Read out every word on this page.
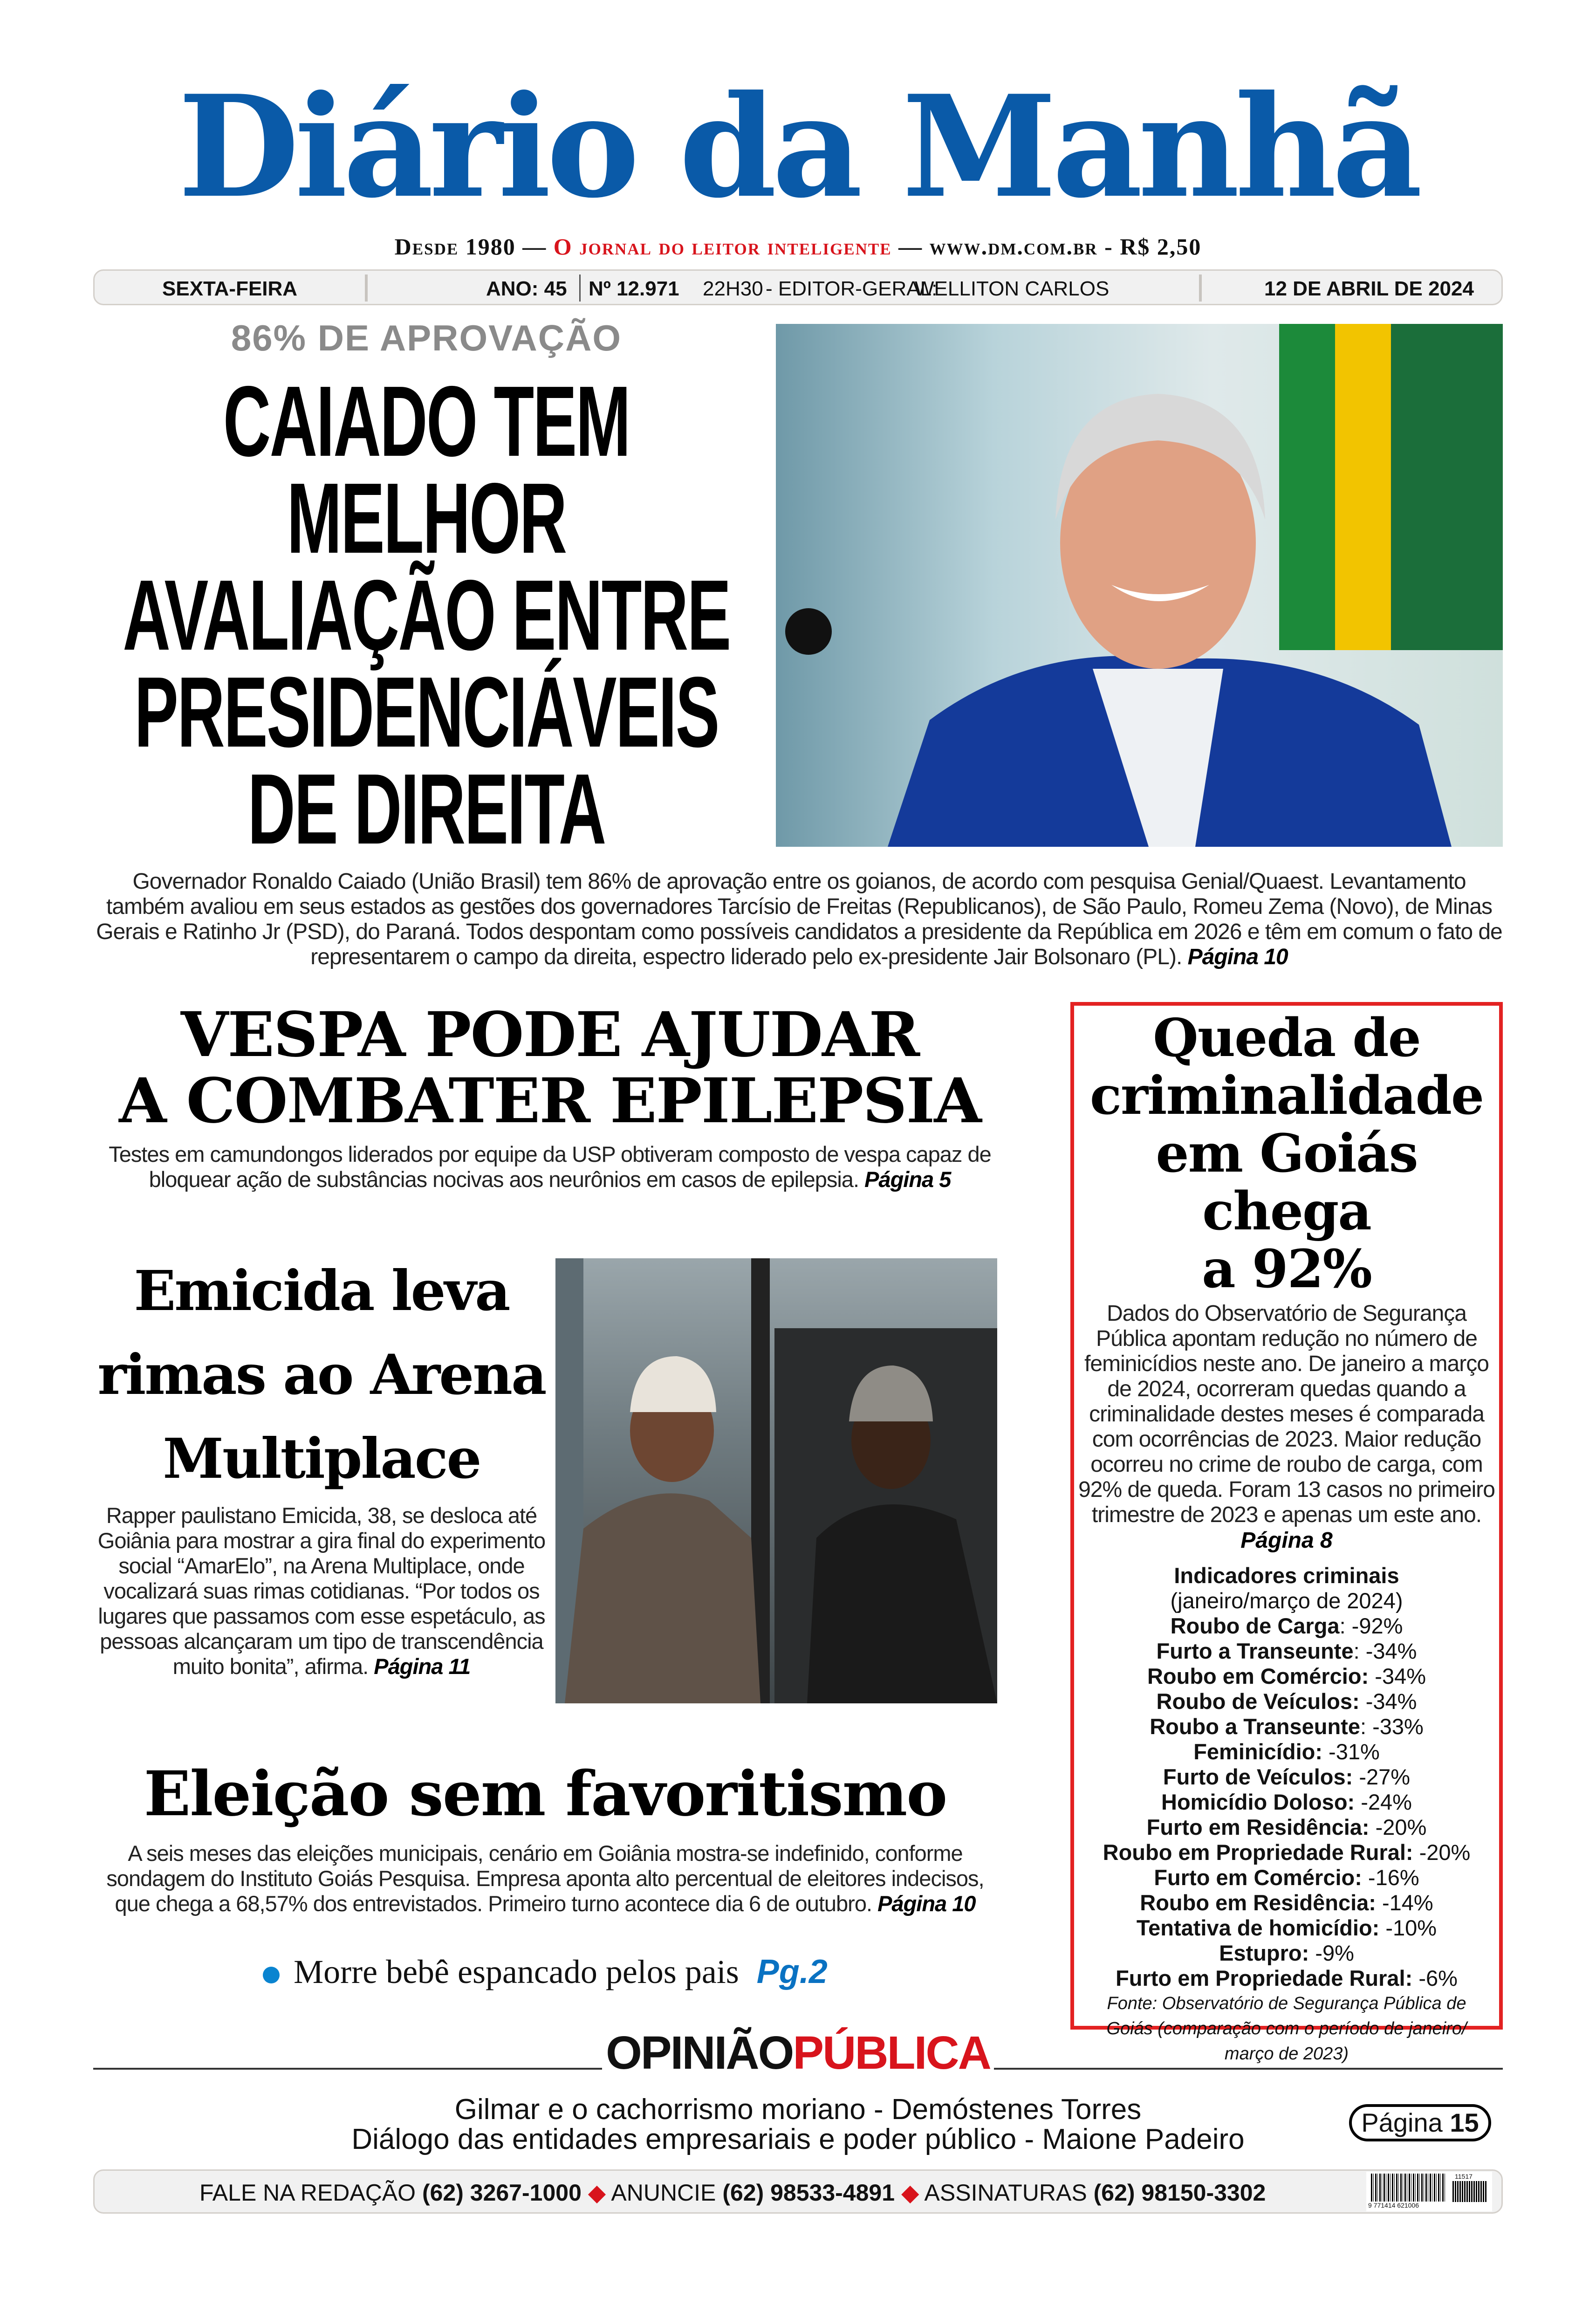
Diário da Manhã
Desde 1980 — O jornal do leitor inteligente — www.dm.com.br - R$ 2,50
SEXTA-FEIRA	ANO: 45 Nº 12.971 22H30 - EDITOR-GERAL:
WELLITON CARLOS	12 DE ABRIL DE 2024
86% DE APROVAÇÃO
CAIADO TEM
MELHOR
AVALIAÇÃO ENTRE
PRESIDENCIÁVEIS
DE DIREITA
Governador Ronaldo Caiado (União Brasil) tem 86% de aprovação entre os goianos, de acordo com pesquisa Genial/Quaest. Levantamento também avaliou em seus estados as gestões dos governadores Tarcísio de Freitas (Republicanos), de São Paulo, Romeu Zema (Novo), de Minas Gerais e Ratinho Jr (PSD), do Paraná. Todos despontam como possíveis candidatos a presidente da República em 2026 e têm em comum o fato de representarem o campo da direita, espectro liderado pelo ex-presidente Jair Bolsonaro (PL). Página 10
VESPA PODE AJUDAR
A COMBATER EPILEPSIA
Testes em camundongos liderados por equipe da USP obtiveram composto de vespa capaz de bloquear ação de substâncias nocivas aos neurônios em casos de epilepsia. Página 5
Emicida leva
rimas ao Arena
Multiplace
Rapper paulistano Emicida, 38, se desloca até Goiânia para mostrar a gira final do experimento social “AmarElo”, na Arena Multiplace, onde vocalizará suas rimas cotidianas. “Por todos os lugares que passamos com esse espetáculo, as pessoas alcançaram um tipo de transcendência muito bonita”, afirma. Página 11
Eleição sem favoritismo
A seis meses das eleições municipais, cenário em Goiânia mostra-se indefinido, conforme sondagem do Instituto Goiás Pesquisa. Empresa aponta alto percentual de eleitores indecisos, que chega a 68,57% dos entrevistados. Primeiro turno acontece dia 6 de outubro. Página 10
Morre bebê espancado pelos pais Pg.2
Queda de
criminalidade
em Goiás chega
a 92%
Dados do Observatório de Segurança Pública apontam redução no número de feminicídios neste ano. De janeiro a março de 2024, ocorreram quedas quando a criminalidade destes meses é comparada com ocorrências de 2023. Maior redução ocorreu no crime de roubo de carga, com 92% de queda. Foram 13 casos no primeiro trimestre de 2023 e apenas um este ano.
Página 8
Indicadores criminais
(janeiro/março de 2024)
Roubo de Carga: -92%
Furto a Transeunte: -34%
Roubo em Comércio: -34%
Roubo de Veículos: -34%
Roubo a Transeunte: -33%
Feminicídio: -31%
Furto de Veículos: -27%
Homicídio Doloso: -24%
Furto em Residência: -20%
Roubo em Propriedade Rural: -20%
Furto em Comércio: -16%
Roubo em Residência: -14%
Tentativa de homicídio: -10%
Estupro: -9%
Furto em Propriedade Rural: -6%
Fonte: Observatório de Segurança Pública de Goiás (comparação com o período de janeiro/ março de 2023)
OPINIÃOPÚBLICA
Gilmar e o cachorrismo moriano - Demóstenes Torres
Diálogo das entidades empresariais e poder público - Maione Padeiro
Página 15
FALE NA REDAÇÃO (62) 3267-1000 ◆ ANUNCIE (62) 98533-4891 ◆ ASSINATURAS (62) 98150-3302	9 771414 621006
11517
